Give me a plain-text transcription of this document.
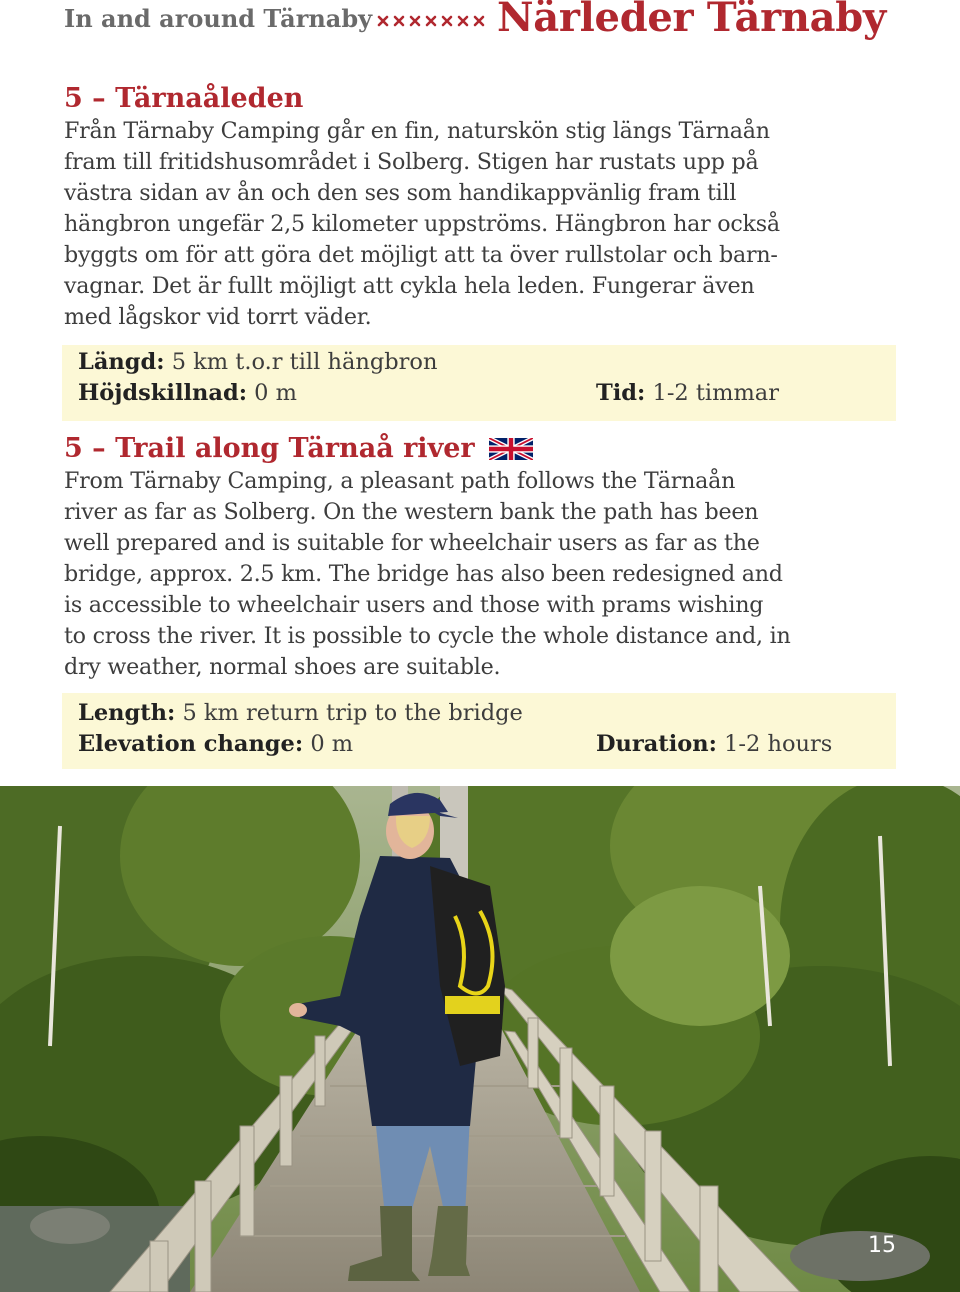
In and around Tärnaby	Närleder Tärnaby
5 – Tärnaåleden

Från Tärnaby Camping går en fin, naturskön stig längs Tärnaån
fram till fritidshusområdet i Solberg. Stigen har rustats upp på
västra sidan av ån och den ses som handikappvänlig fram till
hängbron ungefär 2,5 kilometer uppströms. Hängbron har också
byggts om för att göra det möjligt att ta över rullstolar och barn-
vagnar. Det är fullt möjligt att cykla hela leden. Fungerar även
med lågskor vid torrt väder.

Längd: 5 km t.o.r till hängbron
Höjdskillnad: 0 m	Tid: 1-2 timmar
5 – Trail along Tärnaå river

From Tärnaby Camping, a pleasant path follows the Tärnaån
river as far as Solberg. On the western bank the path has been
well prepared and is suitable for wheelchair users as far as the
bridge, approx. 2.5 km. The bridge has also been redesigned and
is accessible to wheelchair users and those with prams wishing
to cross the river. It is possible to cycle the whole distance and, in
dry weather, normal shoes are suitable.

Length: 5 km return trip to the bridge
Elevation change: 0 m	Duration: 1-2 hours
15
